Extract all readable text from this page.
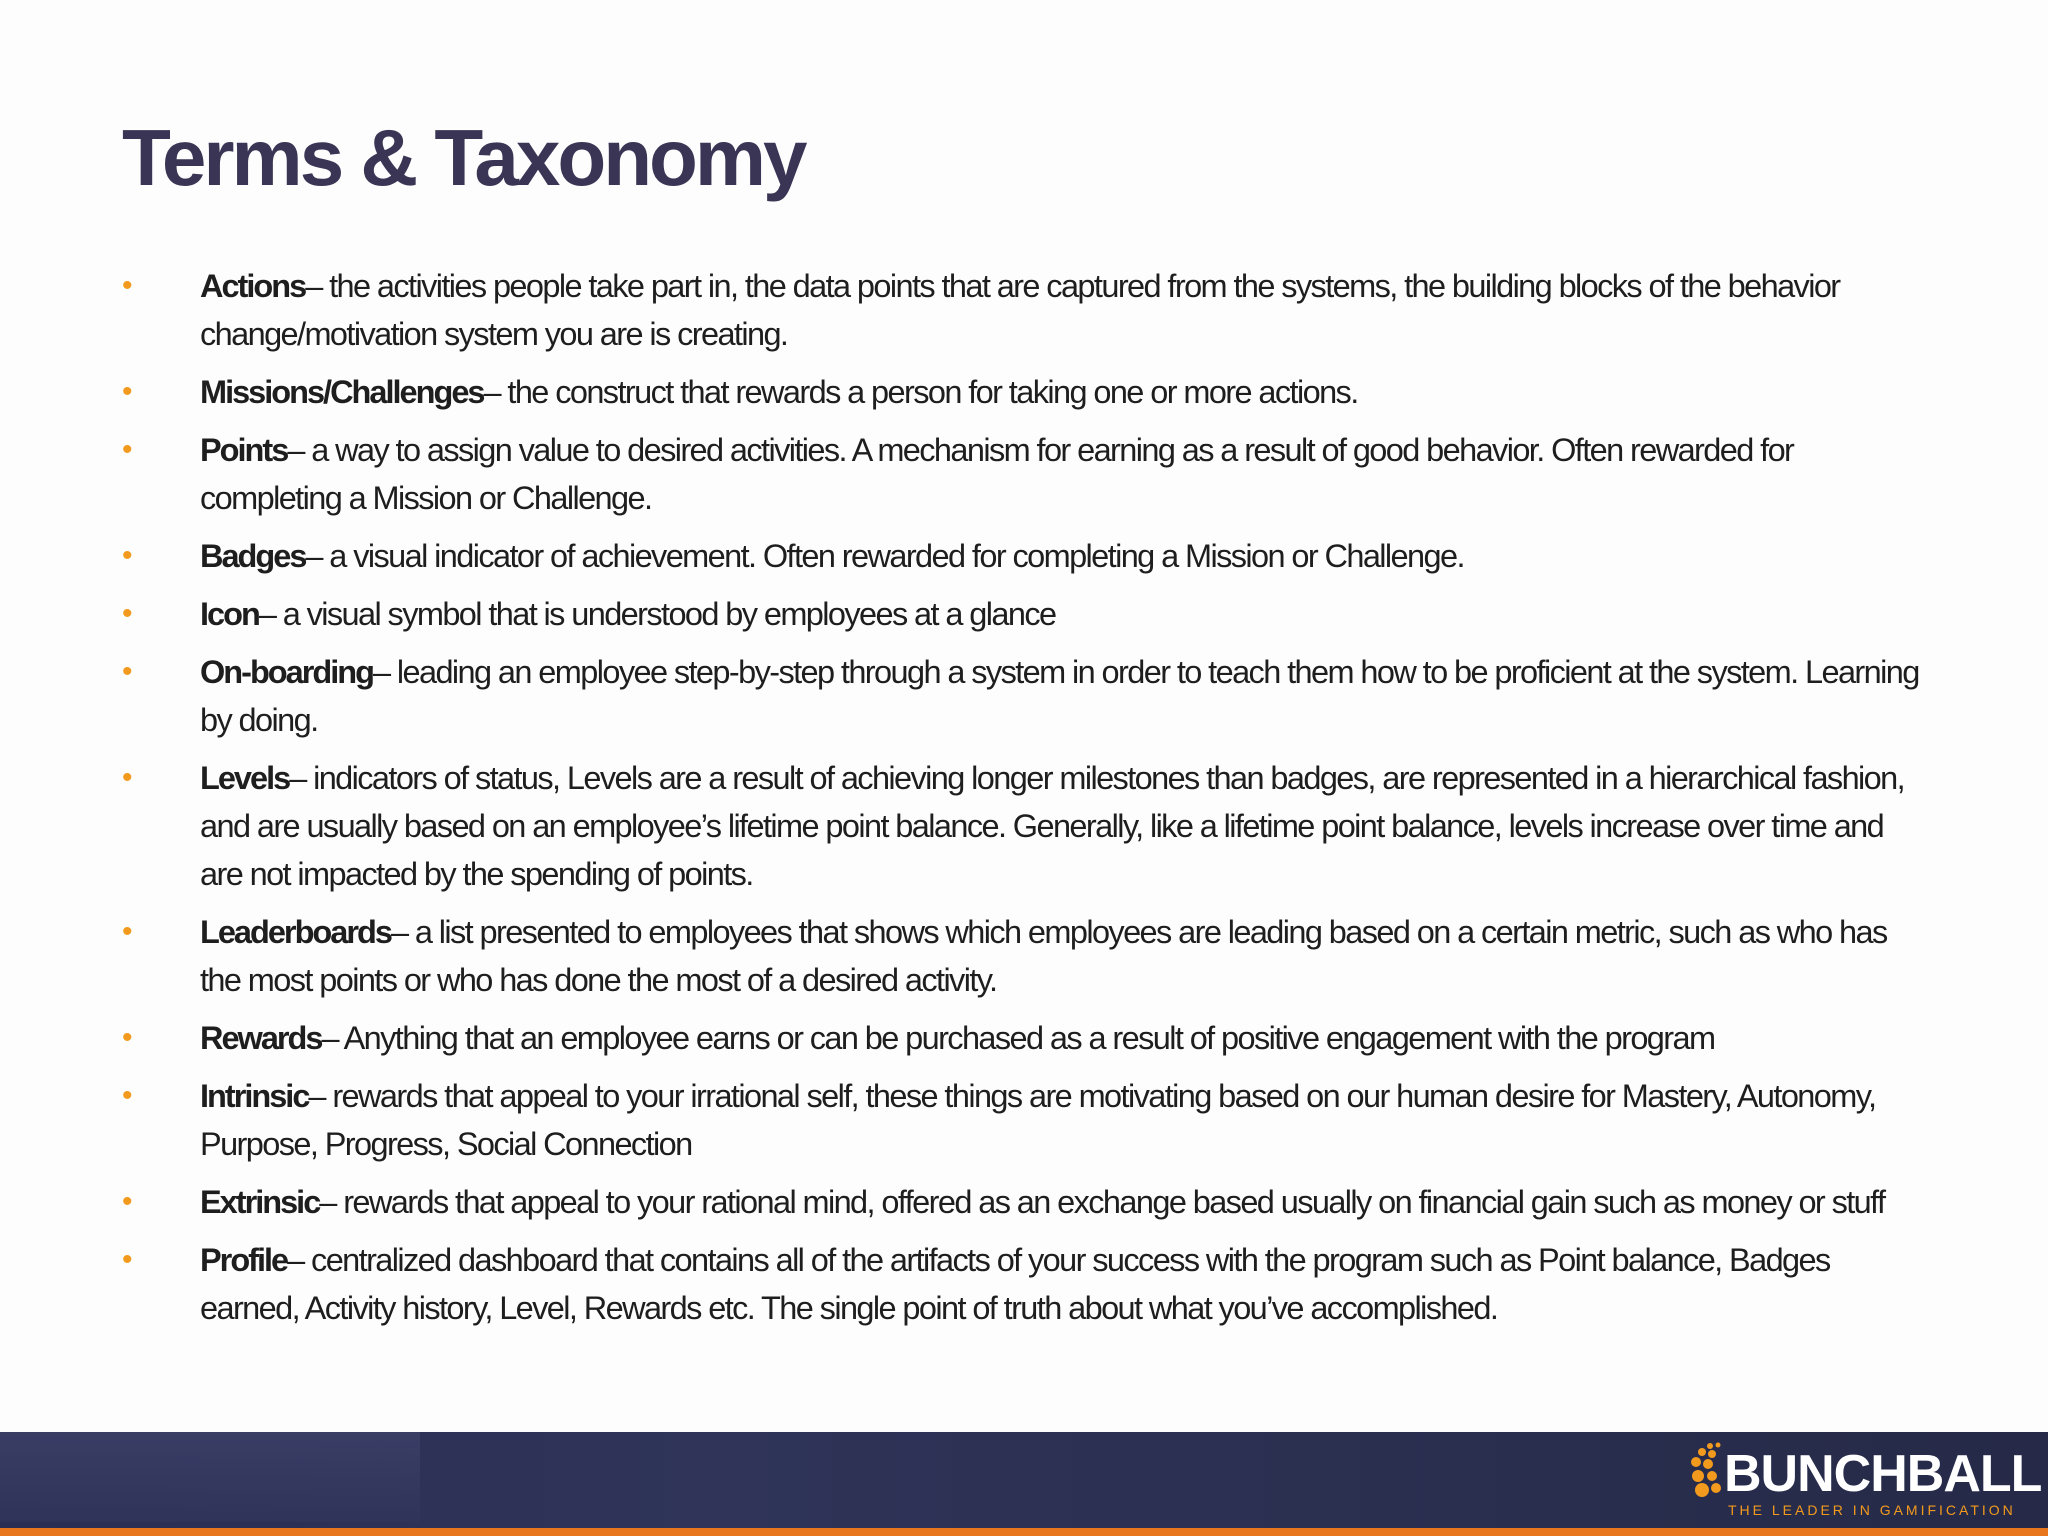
Terms & Taxonomy
•	Actions– the activities people take part in, the data points that are captured from the systems, the building blocks of the behavior change/motivation system you are is creating.
•	Missions/Challenges– the construct that rewards a person for taking one or more actions.
•	Points– a way to assign value to desired activities. A mechanism for earning as a result of good behavior. Often rewarded for completing a Mission or Challenge.
•	Badges– a visual indicator of achievement. Often rewarded for completing a Mission or Challenge.
•	Icon– a visual symbol that is understood by employees at a glance
•	On-boarding– leading an employee step-by-step through a system in order to teach them how to be proficient at the system. Learning by doing.
•	Levels– indicators of status, Levels are a result of achieving longer milestones than badges, are represented in a hierarchical fashion, and are usually based on an employee’s lifetime point balance. Generally, like a lifetime point balance, levels increase over time and are not impacted by the spending of points.
•	Leaderboards– a list presented to employees that shows which employees are leading based on a certain metric, such as who has the most points or who has done the most of a desired activity.
•	Rewards– Anything that an employee earns or can be purchased as a result of positive engagement with the program
•	Intrinsic– rewards that appeal to your irrational self, these things are motivating based on our human desire for Mastery, Autonomy, Purpose, Progress, Social Connection
•	Extrinsic– rewards that appeal to your rational mind, offered as an exchange based usually on financial gain such as money or stuff
•	Profile– centralized dashboard that contains all of the artifacts of your success with the program such as Point balance, Badges earned, Activity history, Level, Rewards etc. The single point of truth about what you’ve accomplished.
BUNCHBALL
THE LEADER IN GAMIFICATION
